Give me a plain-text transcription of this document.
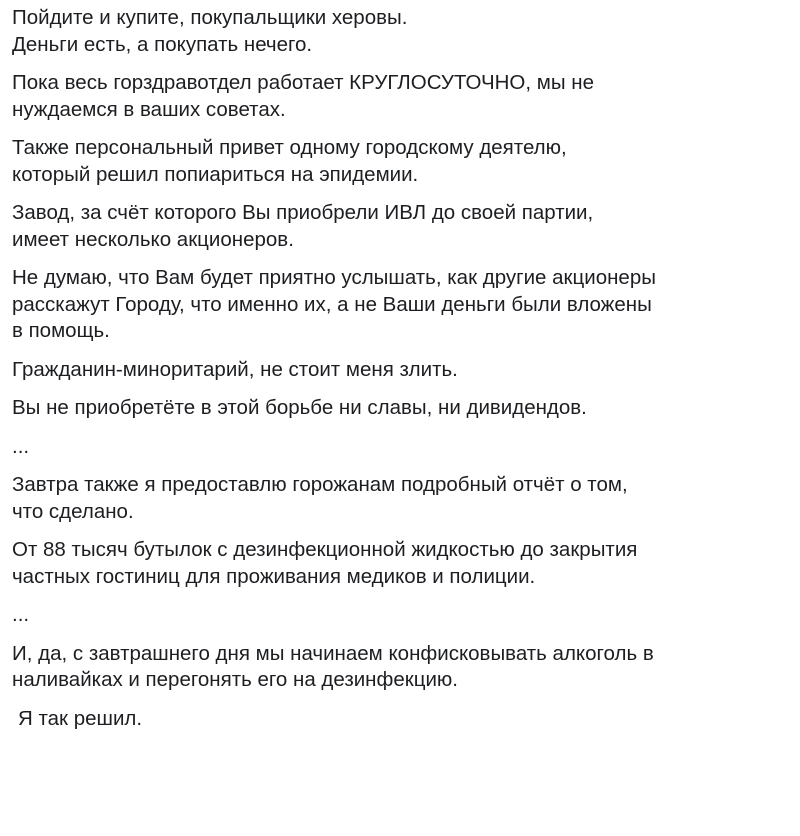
Пойдите и купите, покупальщики херовы.
Деньги есть, а покупать нечего.

Пока весь горздравотдел работает КРУГЛОСУТОЧНО, мы не
нуждаемся в ваших советах.

Также персональный привет одному городскому деятелю,
который решил попиариться на эпидемии.

Завод, за счёт которого Вы приобрели ИВЛ до своей партии,
имеет несколько акционеров.

Не думаю, что Вам будет приятно услышать, как другие акционеры
расскажут Городу, что именно их, а не Ваши деньги были вложены
в помощь.

Гражданин-миноритарий, не стоит меня злить.

Вы не приобретёте в этой борьбе ни славы, ни дивидендов.

...

Завтра также я предоставлю горожанам подробный отчёт о том,
что сделано.

От 88 тысяч бутылок с дезинфекционной жидкостью до закрытия
частных гостиниц для проживания медиков и полиции.

...

И, да, с завтрашнего дня мы начинаем конфисковывать алкоголь в
наливайках и перегонять его на дезинфекцию.

Я так решил.
